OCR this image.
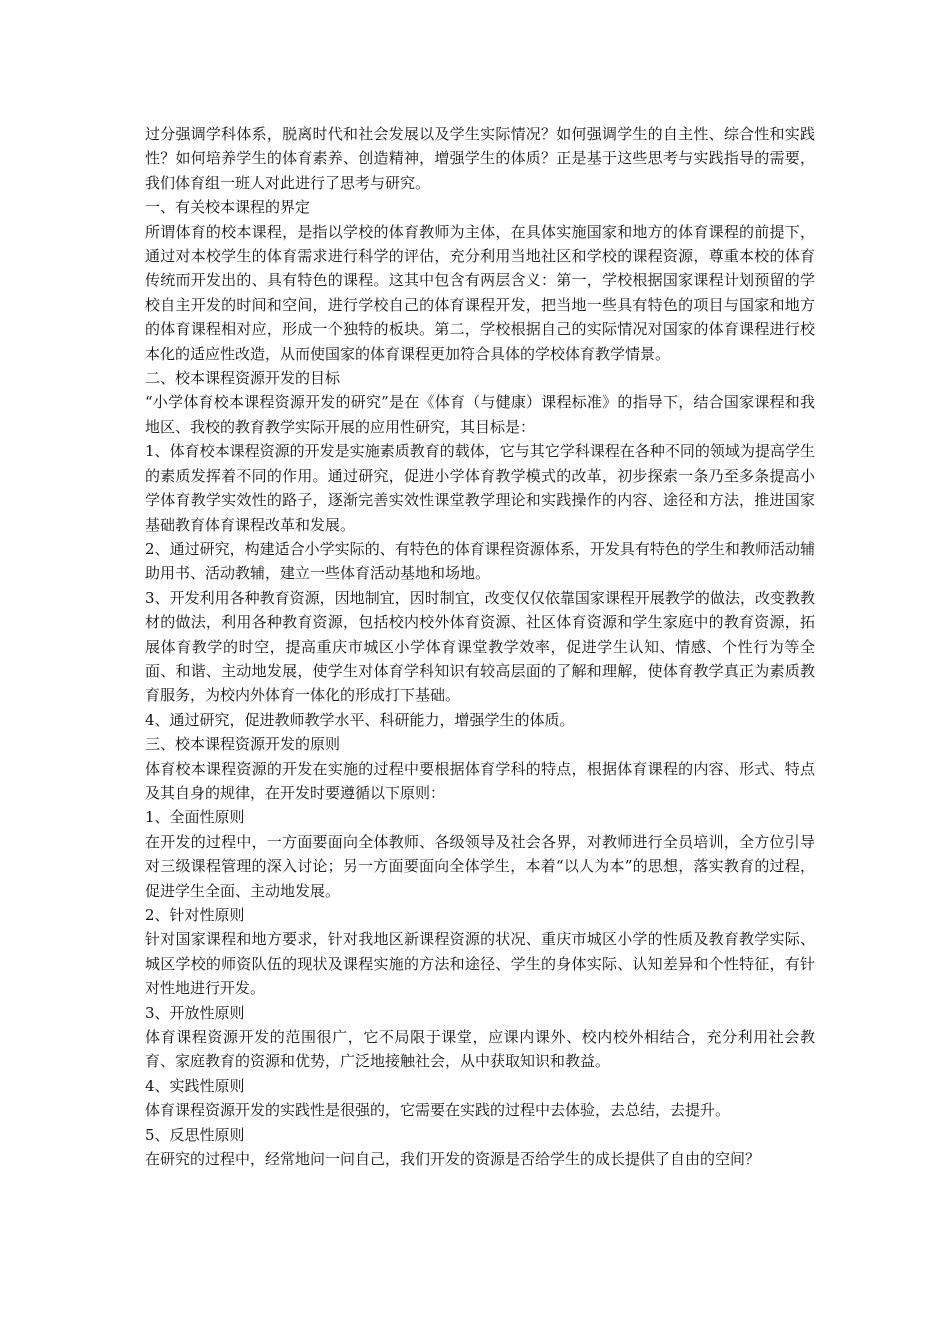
过分强调学科体系，脱离时代和社会发展以及学生实际情况？如何强调学生的自主性、综合性和实践性？如何培养学生的体育素养、创造精神，增强学生的体质？正是基于这些思考与实践指导的需要，我们体育组一班人对此进行了思考与研究。

一、有关校本课程的界定

所谓体育的校本课程，是指以学校的体育教师为主体，在具体实施国家和地方的体育课程的前提下，通过对本校学生的体育需求进行科学的评估，充分利用当地社区和学校的课程资源，尊重本校的体育传统而开发出的、具有特色的课程。这其中包含有两层含义：第一，学校根据国家课程计划预留的学校自主开发的时间和空间，进行学校自己的体育课程开发，把当地一些具有特色的项目与国家和地方的体育课程相对应，形成一个独特的板块。第二，学校根据自己的实际情况对国家的体育课程进行校本化的适应性改造，从而使国家的体育课程更加符合具体的学校体育教学情景。

二、校本课程资源开发的目标

“小学体育校本课程资源开发的研究”是在《体育（与健康）课程标准》的指导下，结合国家课程和我地区、我校的教育教学实际开展的应用性研究，其目标是：

1、体育校本课程资源的开发是实施素质教育的载体，它与其它学科课程在各种不同的领域为提高学生的素质发挥着不同的作用。通过研究，促进小学体育教学模式的改革，初步探索一条乃至多条提高小学体育教学实效性的路子，逐渐完善实效性课堂教学理论和实践操作的内容、途径和方法，推进国家基础教育体育课程改革和发展。

2、通过研究，构建适合小学实际的、有特色的体育课程资源体系，开发具有特色的学生和教师活动辅助用书、活动教辅，建立一些体育活动基地和场地。

3、开发利用各种教育资源，因地制宜，因时制宜，改变仅仅依靠国家课程开展教学的做法，改变教教材的做法，利用各种教育资源，包括校内校外体育资源、社区体育资源和学生家庭中的教育资源，拓展体育教学的时空，提高重庆市城区小学体育课堂教学效率，促进学生认知、情感、个性行为等全面、和谐、主动地发展，使学生对体育学科知识有较高层面的了解和理解，使体育教学真正为素质教育服务，为校内外体育一体化的形成打下基础。

4、通过研究，促进教师教学水平、科研能力，增强学生的体质。

三、校本课程资源开发的原则

体育校本课程资源的开发在实施的过程中要根据体育学科的特点，根据体育课程的内容、形式、特点及其自身的规律，在开发时要遵循以下原则：

1、全面性原则

在开发的过程中，一方面要面向全体教师、各级领导及社会各界，对教师进行全员培训，全方位引导对三级课程管理的深入讨论；另一方面要面向全体学生，本着“以人为本”的思想，落实教育的过程，促进学生全面、主动地发展。

2、针对性原则

针对国家课程和地方要求，针对我地区新课程资源的状况、重庆市城区小学的性质及教育教学实际、城区学校的师资队伍的现状及课程实施的方法和途径、学生的身体实际、认知差异和个性特征，有针对性地进行开发。

3、开放性原则

体育课程资源开发的范围很广，它不局限于课堂，应课内课外、校内校外相结合，充分利用社会教育、家庭教育的资源和优势，广泛地接触社会，从中获取知识和教益。

4、实践性原则

体育课程资源开发的实践性是很强的，它需要在实践的过程中去体验，去总结，去提升。

5、反思性原则

在研究的过程中，经常地问一问自己，我们开发的资源是否给学生的成长提供了自由的空间？
